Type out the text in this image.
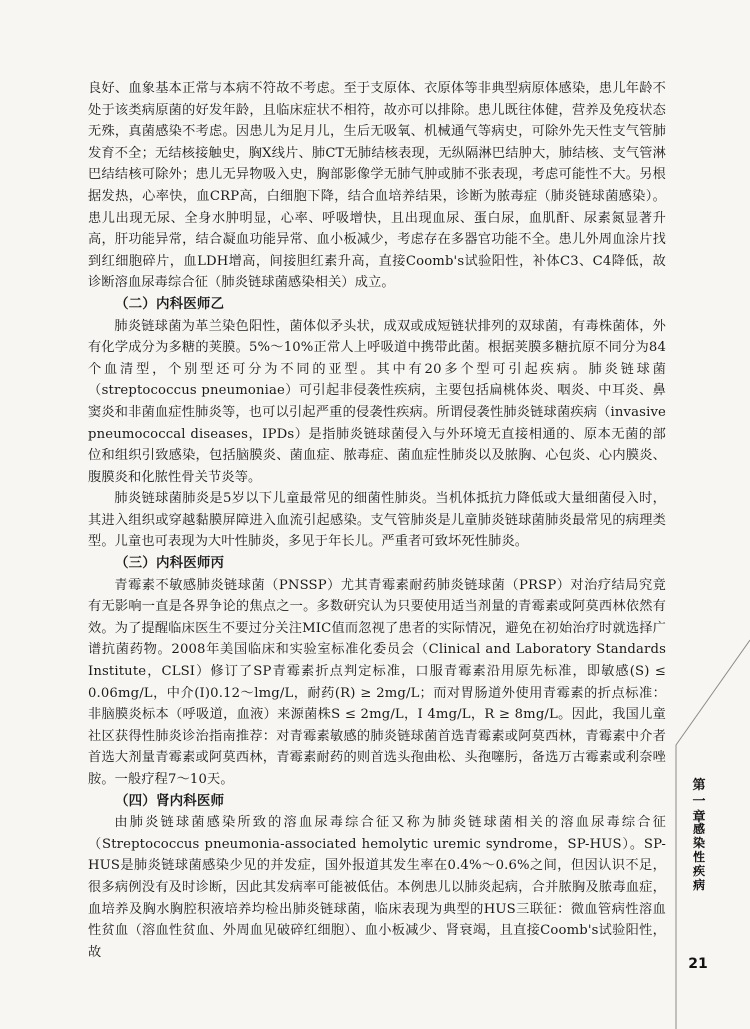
良好、血象基本正常与本病不符故不考虑。至于支原体、衣原体等非典型病原体感染，患儿年龄不处于该类病原菌的好发年龄，且临床症状不相符，故亦可以排除。患儿既往体健，营养及免疫状态无殊，真菌感染不考虑。因患儿为足月儿，生后无吸氧、机械通气等病史，可除外先天性支气管肺发育不全；无结核接触史，胸X线片、肺CT无肺结核表现，无纵隔淋巴结肿大，肺结核、支气管淋巴结结核可除外；患儿无异物吸入史，胸部影像学无肺气肿或肺不张表现，考虑可能性不大。另根据发热，心率快，血CRP高，白细胞下降，结合血培养结果，诊断为脓毒症（肺炎链球菌感染）。患儿出现无尿、全身水肿明显，心率、呼吸增快，且出现血尿、蛋白尿，血肌酐、尿素氮显著升高，肝功能异常，结合凝血功能异常、血小板减少，考虑存在多器官功能不全。患儿外周血涂片找到红细胞碎片，血LDH增高，间接胆红素升高，直接Coomb's试验阳性，补体C3、C4降低，故诊断溶血尿毒综合征（肺炎链球菌感染相关）成立。

（二）内科医师乙

肺炎链球菌为革兰染色阳性，菌体似矛头状，成双或成短链状排列的双球菌，有毒株菌体，外有化学成分为多糖的荚膜。5%～10%正常人上呼吸道中携带此菌。根据荚膜多糖抗原不同分为84个血清型，个别型还可分为不同的亚型。其中有20多个型可引起疾病。肺炎链球菌（streptococcus pneumoniae）可引起非侵袭性疾病，主要包括扁桃体炎、咽炎、中耳炎、鼻窦炎和非菌血症性肺炎等，也可以引起严重的侵袭性疾病。所谓侵袭性肺炎链球菌疾病（invasive pneumococcal diseases，IPDs）是指肺炎链球菌侵入与外环境无直接相通的、原本无菌的部位和组织引致感染，包括脑膜炎、菌血症、脓毒症、菌血症性肺炎以及脓胸、心包炎、心内膜炎、腹膜炎和化脓性骨关节炎等。

肺炎链球菌肺炎是5岁以下儿童最常见的细菌性肺炎。当机体抵抗力降低或大量细菌侵入时，其进入组织或穿越黏膜屏障进入血流引起感染。支气管肺炎是儿童肺炎链球菌肺炎最常见的病理类型。儿童也可表现为大叶性肺炎，多见于年长儿。严重者可致坏死性肺炎。

（三）内科医师丙

青霉素不敏感肺炎链球菌（PNSSP）尤其青霉素耐药肺炎链球菌（PRSP）对治疗结局究竟有无影响一直是各界争论的焦点之一。多数研究认为只要使用适当剂量的青霉素或阿莫西林依然有效。为了提醒临床医生不要过分关注MIC值而忽视了患者的实际情况，避免在初始治疗时就选择广谱抗菌药物。2008年美国临床和实验室标准化委员会（Clinical and Laboratory Standards Institute，CLSI）修订了SP青霉素折点判定标准，口服青霉素沿用原先标准，即敏感(S) ≤ 0.06mg/L，中介(I)0.12～lmg/L，耐药(R) ≥ 2mg/L；而对胃肠道外使用青霉素的折点标准：非脑膜炎标本（呼吸道，血液）来源菌株S ≤ 2mg/L，I 4mg/L，R ≥ 8mg/L。因此，我国儿童社区获得性肺炎诊治指南推荐：对青霉素敏感的肺炎链球菌首选青霉素或阿莫西林，青霉素中介者首选大剂量青霉素或阿莫西林，青霉素耐药的则首选头孢曲松、头孢噻肟，备选万古霉素或利奈唑胺。一般疗程7～10天。

（四）肾内科医师

由肺炎链球菌感染所致的溶血尿毒综合征又称为肺炎链球菌相关的溶血尿毒综合征（Streptococcus pneumonia-associated hemolytic uremic syndrome，SP-HUS）。SP-HUS是肺炎链球菌感染少见的并发症，国外报道其发生率在0.4%～0.6%之间，但因认识不足，很多病例没有及时诊断，因此其发病率可能被低估。本例患儿以肺炎起病，合并脓胸及脓毒血症，血培养及胸水胸腔积液培养均检出肺炎链球菌，临床表现为典型的HUS三联征：微血管病性溶血性贫血（溶血性贫血、外周血见破碎红细胞）、血小板减少、肾衰竭，且直接Coomb's试验阳性，故

第
一
章
感
染
性
疾
病
21
